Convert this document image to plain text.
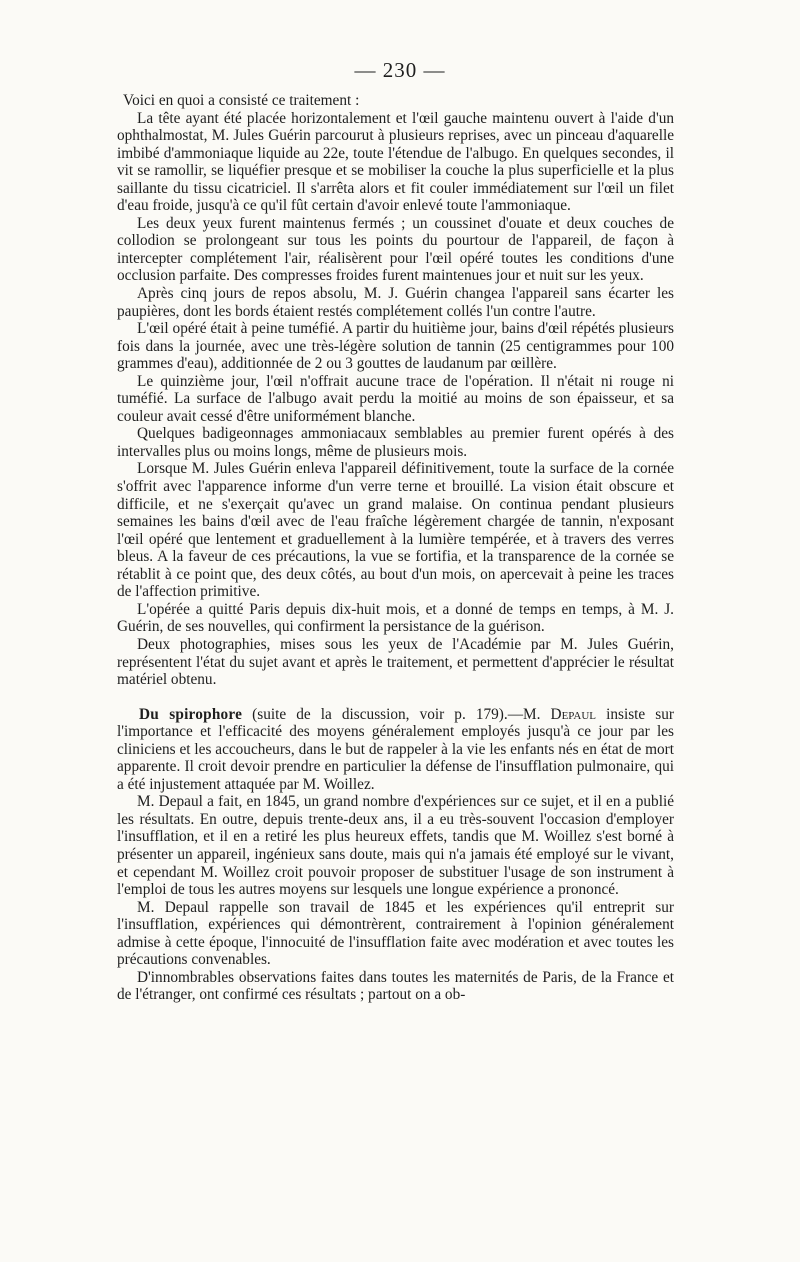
— 230 —

Voici en quoi a consisté ce traitement :

La tête ayant été placée horizontalement et l'œil gauche maintenu ouvert à l'aide d'un ophthalmostat, M. Jules Guérin parcourut à plusieurs reprises, avec un pinceau d'aquarelle imbibé d'ammoniaque liquide au 22e, toute l'étendue de l'albugo. En quelques secondes, il vit se ramollir, se liquéfier presque et se mobiliser la couche la plus superficielle et la plus saillante du tissu cicatriciel. Il s'arrêta alors et fit couler immédiatement sur l'œil un filet d'eau froide, jusqu'à ce qu'il fût certain d'avoir enlevé toute l'ammoniaque.

Les deux yeux furent maintenus fermés ; un coussinet d'ouate et deux couches de collodion se prolongeant sur tous les points du pourtour de l'appareil, de façon à intercepter complétement l'air, réalisèrent pour l'œil opéré toutes les conditions d'une occlusion parfaite. Des compresses froides furent maintenues jour et nuit sur les yeux.

Après cinq jours de repos absolu, M. J. Guérin changea l'appareil sans écarter les paupières, dont les bords étaient restés complétement collés l'un contre l'autre.

L'œil opéré était à peine tuméfié. A partir du huitième jour, bains d'œil répétés plusieurs fois dans la journée, avec une très-légère solution de tannin (25 centigrammes pour 100 grammes d'eau), additionnée de 2 ou 3 gouttes de laudanum par œillère.

Le quinzième jour, l'œil n'offrait aucune trace de l'opération. Il n'était ni rouge ni tuméfié. La surface de l'albugo avait perdu la moitié au moins de son épaisseur, et sa couleur avait cessé d'être uniformément blanche.

Quelques badigeonnages ammoniacaux semblables au premier furent opérés à des intervalles plus ou moins longs, même de plusieurs mois.

Lorsque M. Jules Guérin enleva l'appareil définitivement, toute la surface de la cornée s'offrit avec l'apparence informe d'un verre terne et brouillé. La vision était obscure et difficile, et ne s'exerçait qu'avec un grand malaise. On continua pendant plusieurs semaines les bains d'œil avec de l'eau fraîche légèrement chargée de tannin, n'exposant l'œil opéré que lentement et graduellement à la lumière tempérée, et à travers des verres bleus. A la faveur de ces précautions, la vue se fortifia, et la transparence de la cornée se rétablit à ce point que, des deux côtés, au bout d'un mois, on apercevait à peine les traces de l'affection primitive.

L'opérée a quitté Paris depuis dix-huit mois, et a donné de temps en temps, à M. J. Guérin, de ses nouvelles, qui confirment la persistance de la guérison.

Deux photographies, mises sous les yeux de l'Académie par M. Jules Guérin, représentent l'état du sujet avant et après le traitement, et permettent d'apprécier le résultat matériel obtenu.

Du spirophore (suite de la discussion, voir p. 179).—M. Depaul insiste sur l'importance et l'efficacité des moyens généralement employés jusqu'à ce jour par les cliniciens et les accoucheurs, dans le but de rappeler à la vie les enfants nés en état de mort apparente. Il croit devoir prendre en particulier la défense de l'insufflation pulmonaire, qui a été injustement attaquée par M. Woillez.

M. Depaul a fait, en 1845, un grand nombre d'expériences sur ce sujet, et il en a publié les résultats. En outre, depuis trente-deux ans, il a eu très-souvent l'occasion d'employer l'insufflation, et il en a retiré les plus heureux effets, tandis que M. Woillez s'est borné à présenter un appareil, ingénieux sans doute, mais qui n'a jamais été employé sur le vivant, et cependant M. Woillez croit pouvoir proposer de substituer l'usage de son instrument à l'emploi de tous les autres moyens sur lesquels une longue expérience a prononcé.

M. Depaul rappelle son travail de 1845 et les expériences qu'il entreprit sur l'insufflation, expériences qui démontrèrent, contrairement à l'opinion généralement admise à cette époque, l'innocuité de l'insufflation faite avec modération et avec toutes les précautions convenables.

D'innombrables observations faites dans toutes les maternités de Paris, de la France et de l'étranger, ont confirmé ces résultats ; partout on a ob-
